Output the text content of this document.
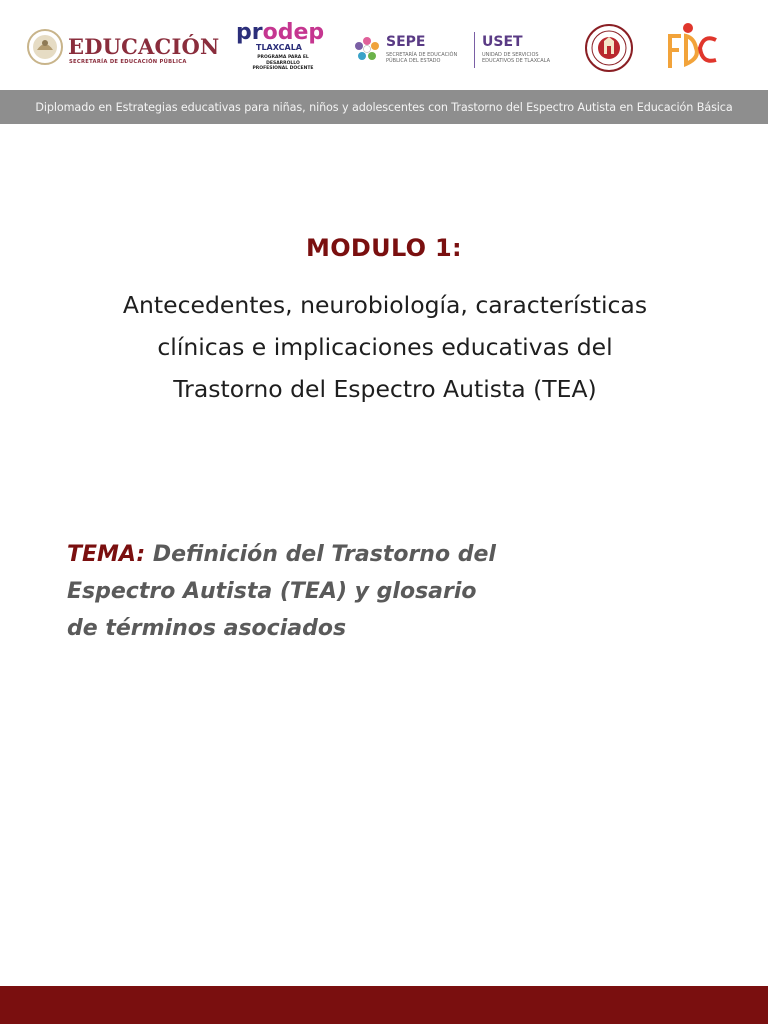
EDUCACIÓN
SECRETARÍA DE EDUCACIÓN PÚBLICA
prodep
TLAXCALA
PROGRAMA PARA EL DESARROLLO
PROFESIONAL DOCENTE
SEPE
SECRETARÍA DE EDUCACIÓN
PÚBLICA DEL ESTADO
USET
UNIDAD DE SERVICIOS
EDUCATIVOS DE TLAXCALA
Diplomado en Estrategias educativas para niñas, niños y adolescentes con Trastorno del Espectro Autista en Educación Básica
MODULO 1:
Antecedentes, neurobiología, características
clínicas e implicaciones educativas del
Trastorno del Espectro Autista (TEA)
TEMA: Definición del Trastorno del
Espectro Autista (TEA) y glosario
de términos asociados
